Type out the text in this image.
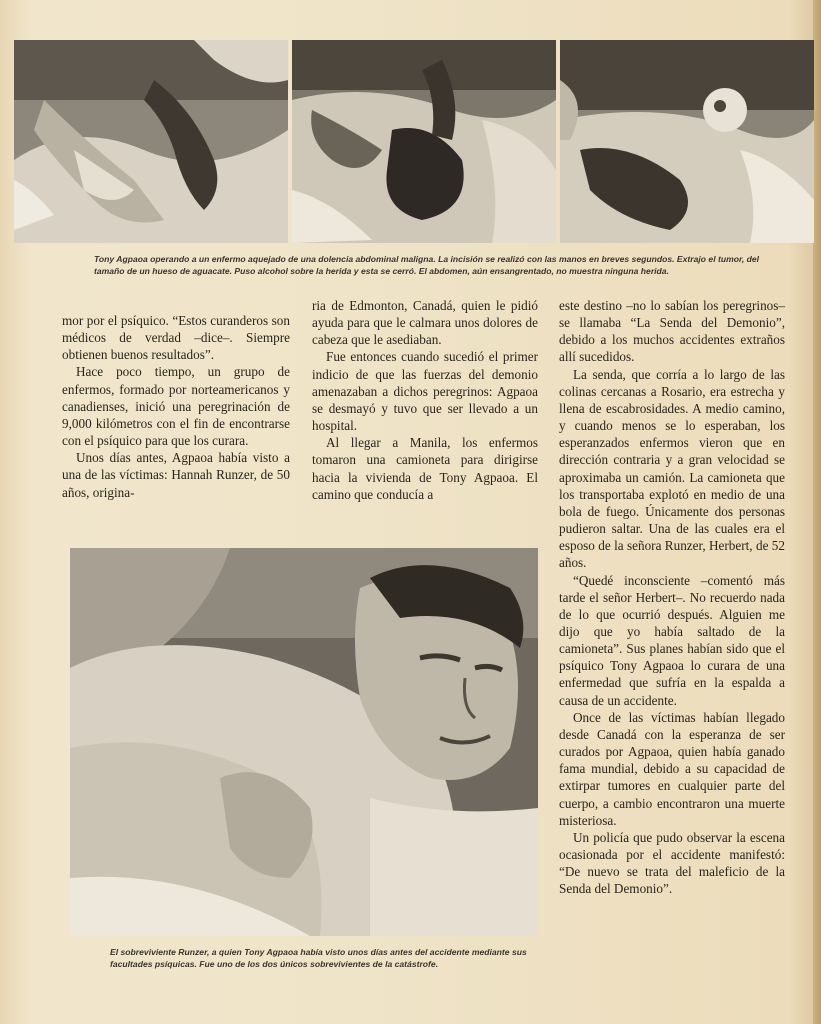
Tony Agpaoa operando a un enfermo aquejado de una dolencia abdominal maligna. La incisión se realizó con las manos en breves segundos. Extrajo el tumor, del tamaño de un hueso de aguacate. Puso alcohol sobre la herida y esta se cerró. El abdomen, aún ensangrentado, no muestra ninguna herida.

mor por el psíquico. “Estos curanderos son médicos de verdad –dice–. Siempre obtienen buenos resultados”.

Hace poco tiempo, un grupo de enfermos, formado por norteamericanos y canadienses, inició una peregrinación de 9,000 kilómetros con el fin de encontrarse con el psíquico para que los curara.

Unos días antes, Agpaoa había visto a una de las víctimas: Hannah Runzer, de 50 años, origina-

ria de Edmonton, Canadá, quien le pidió ayuda para que le calmara unos dolores de cabeza que le asediaban.

Fue entonces cuando sucedió el primer indicio de que las fuerzas del demonio amenazaban a dichos peregrinos: Agpaoa se desmayó y tuvo que ser llevado a un hospital.

Al llegar a Manila, los enfermos tomaron una camioneta para dirigirse hacia la vivienda de Tony Agpaoa. El camino que conducía a

este destino –no lo sabían los peregrinos– se llamaba “La Senda del Demonio”, debido a los muchos accidentes extraños allí sucedidos.

La senda, que corría a lo largo de las colinas cercanas a Rosario, era estrecha y llena de escabrosidades. A medio camino, y cuando menos se lo esperaban, los esperanzados enfermos vieron que en dirección contraria y a gran velocidad se aproximaba un camión. La camioneta que los transportaba explotó en medio de una bola de fuego. Únicamente dos personas pudieron saltar. Una de las cuales era el esposo de la señora Runzer, Herbert, de 52 años.

“Quedé inconsciente –comentó más tarde el señor Herbert–. No recuerdo nada de lo que ocurrió después. Alguien me dijo que yo había saltado de la camioneta”. Sus planes habían sido que el psíquico Tony Agpaoa lo curara de una enfermedad que sufría en la espalda a causa de un accidente.

Once de las víctimas habían llegado desde Canadá con la esperanza de ser curados por Agpaoa, quien había ganado fama mundial, debido a su capacidad de extirpar tumores en cualquier parte del cuerpo, a cambio encontraron una muerte misteriosa.

Un policía que pudo observar la escena ocasionada por el accidente manifestó: “De nuevo se trata del maleficio de la Senda del Demonio”.

El sobreviviente Runzer, a quien Tony Agpaoa había visto unos días antes del accidente mediante sus facultades psíquicas. Fue uno de los dos únicos sobrevivientes de la catástrofe.
